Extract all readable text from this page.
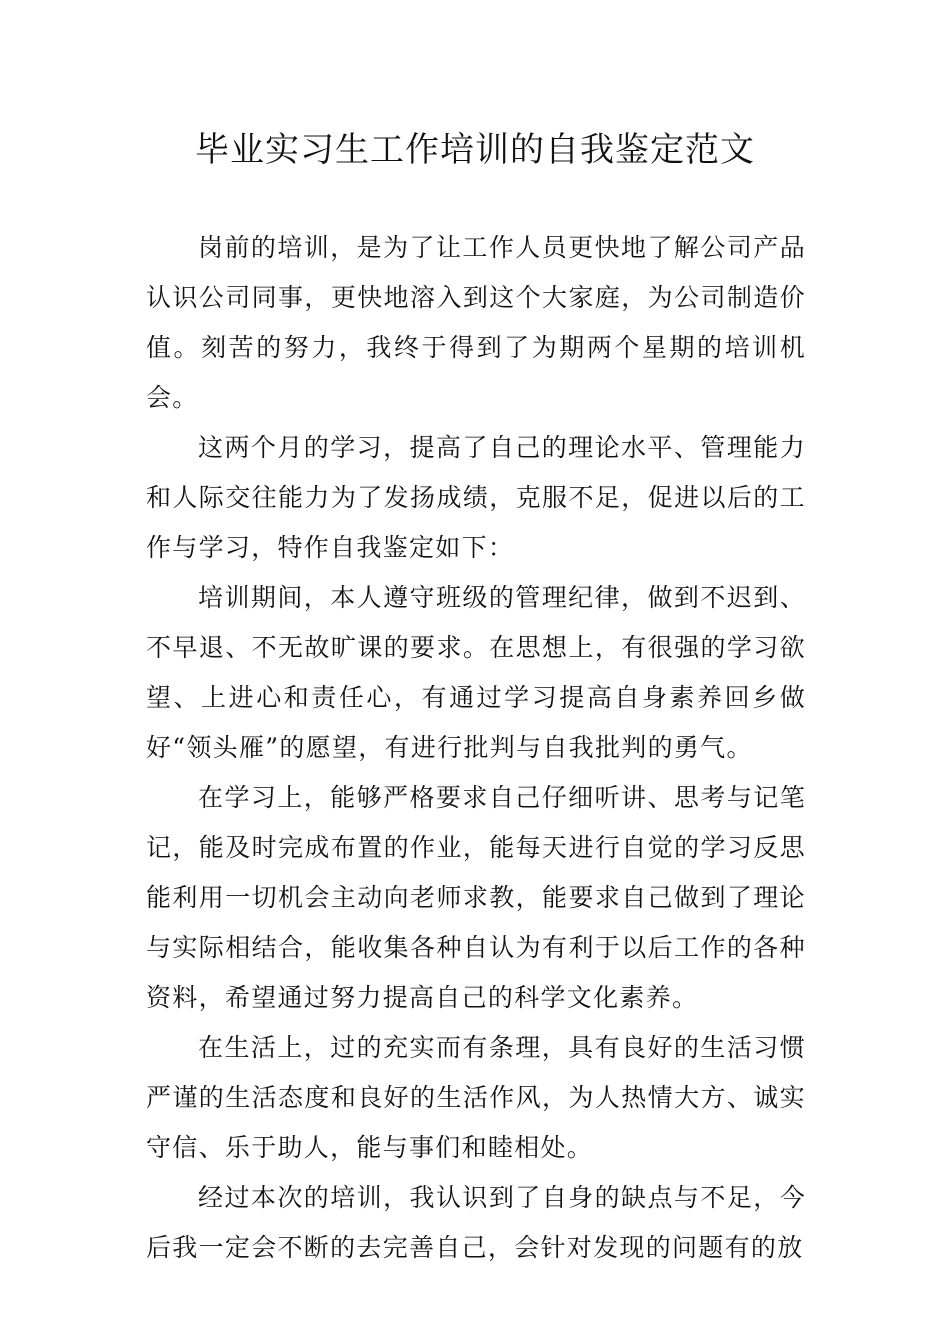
毕业实习生工作培训的自我鉴定范文

岗前的培训，是为了让工作人员更快地了解公司产品认识公司同事，更快地溶入到这个大家庭，为公司制造价值。刻苦的努力，我终于得到了为期两个星期的培训机会。

这两个月的学习，提高了自己的理论水平、管理能力和人际交往能力为了发扬成绩，克服不足，促进以后的工作与学习，特作自我鉴定如下：

培训期间，本人遵守班级的管理纪律，做到不迟到、不早退、不无故旷课的要求。在思想上，有很强的学习欲望、上进心和责任心，有通过学习提高自身素养回乡做好“领头雁”的愿望，有进行批判与自我批判的勇气。

在学习上，能够严格要求自己仔细听讲、思考与记笔记，能及时完成布置的作业，能每天进行自觉的学习反思能利用一切机会主动向老师求教，能要求自己做到了理论与实际相结合，能收集各种自认为有利于以后工作的各种资料，希望通过努力提高自己的科学文化素养。

在生活上，过的充实而有条理，具有良好的生活习惯严谨的生活态度和良好的生活作风，为人热情大方、诚实守信、乐于助人，能与事们和睦相处。

经过本次的培训，我认识到了自身的缺点与不足，今后我一定会不断的去完善自己，会针对发现的问题有的放
